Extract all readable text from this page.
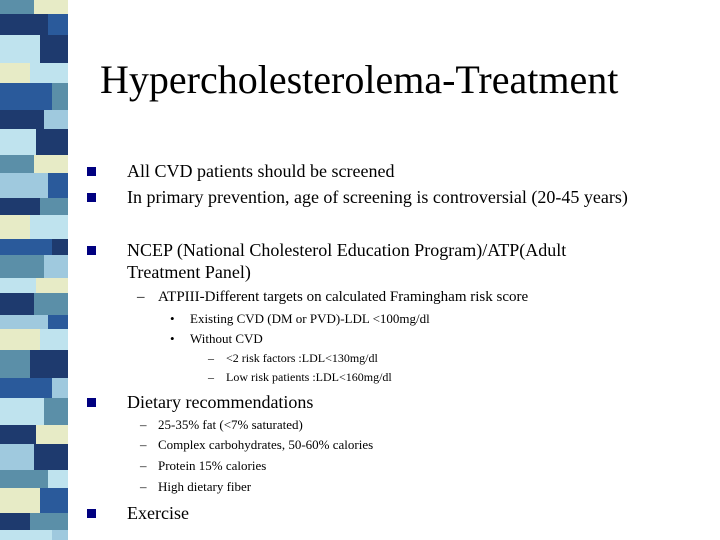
Hypercholesterolema-Treatment
All CVD patients should be screened
In primary prevention, age of screening is controversial (20-45 years)
NCEP (National Cholesterol Education Program)/ATP(Adult
Treatment Panel)
– ATPIII-Different targets on calculated Framingham risk score
• Existing CVD (DM or PVD)-LDL <100mg/dl
• Without CVD
– <2 risk factors :LDL<130mg/dl
– Low risk patients :LDL<160mg/dl
Dietary recommendations
– 25-35% fat (<7% saturated)
– Complex carbohydrates, 50-60% calories
– Protein 15% calories
– High dietary fiber
Exercise
